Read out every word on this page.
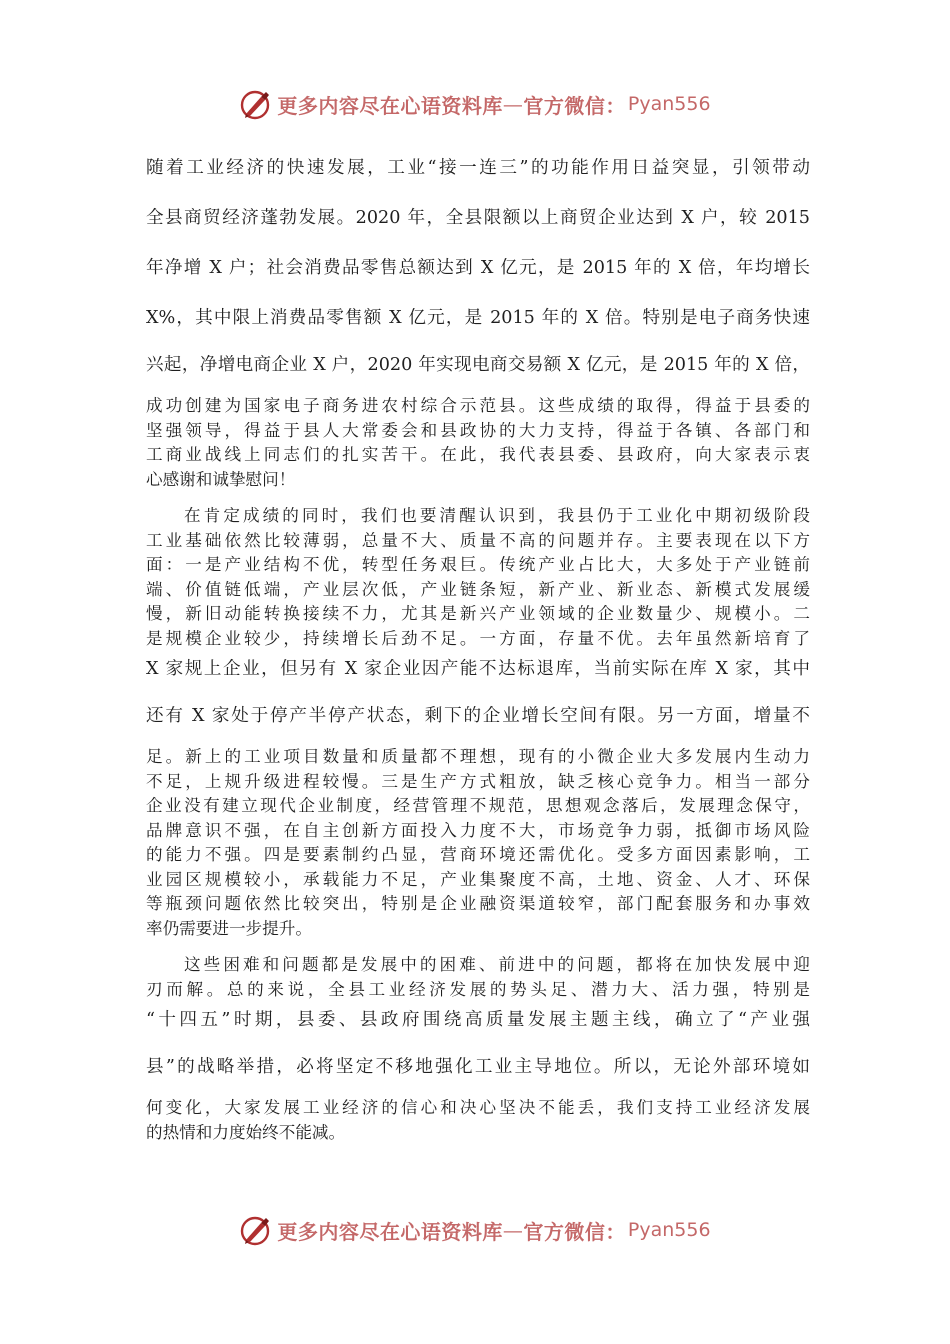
更多内容尽在心语资料库 — 官方微信： Pyan556
随着工业经济的快速发展，工业“接一连三”的功能作用日益突显，引领带动
全县商贸经济蓬勃发展。2020 年，全县限额以上商贸企业达到 X 户，较 2015
年净增 X 户；社会消费品零售总额达到 X 亿元，是 2015 年的 X 倍，年均增长
X%，其中限上消费品零售额 X 亿元，是 2015 年的 X 倍。特别是电子商务快速
兴起，净增电商企业 X 户，2020 年实现电商交易额 X 亿元，是 2015 年的 X 倍，
成功创建为国家电子商务进农村综合示范县。这些成绩的取得，得益于县委的
坚强领导，得益于县人大常委会和县政协的大力支持，得益于各镇、各部门和
工商业战线上同志们的扎实苦干。在此，我代表县委、县政府，向大家表示衷
心感谢和诚挚慰问！
在肯定成绩的同时，我们也要清醒认识到，我县仍于工业化中期初级阶段
工业基础依然比较薄弱，总量不大、质量不高的问题并存。主要表现在以下方
面：一是产业结构不优，转型任务艰巨。传统产业占比大，大多处于产业链前
端、价值链低端，产业层次低，产业链条短，新产业、新业态、新模式发展缓
慢，新旧动能转换接续不力，尤其是新兴产业领域的企业数量少、规模小。二
是规模企业较少，持续增长后劲不足。一方面，存量不优。去年虽然新培育了
X 家规上企业，但另有 X 家企业因产能不达标退库，当前实际在库 X 家，其中
还有 X 家处于停产半停产状态，剩下的企业增长空间有限。另一方面，增量不
足。新上的工业项目数量和质量都不理想，现有的小微企业大多发展内生动力
不足，上规升级进程较慢。三是生产方式粗放，缺乏核心竞争力。相当一部分
企业没有建立现代企业制度，经营管理不规范，思想观念落后，发展理念保守，
品牌意识不强，在自主创新方面投入力度不大，市场竞争力弱，抵御市场风险
的能力不强。四是要素制约凸显，营商环境还需优化。受多方面因素影响，工
业园区规模较小，承载能力不足，产业集聚度不高，土地、资金、人才、环保
等瓶颈问题依然比较突出，特别是企业融资渠道较窄，部门配套服务和办事效
率仍需要进一步提升。
这些困难和问题都是发展中的困难、前进中的问题，都将在加快发展中迎
刃而解。总的来说，全县工业经济发展的势头足、潜力大、活力强，特别是
“十四五”时期，县委、县政府围绕高质量发展主题主线，确立了“产业强
县”的战略举措，必将坚定不移地强化工业主导地位。所以，无论外部环境如
何变化，大家发展工业经济的信心和决心坚决不能丢，我们支持工业经济发展
的热情和力度始终不能减。
更多内容尽在心语资料库 — 官方微信： Pyan556
